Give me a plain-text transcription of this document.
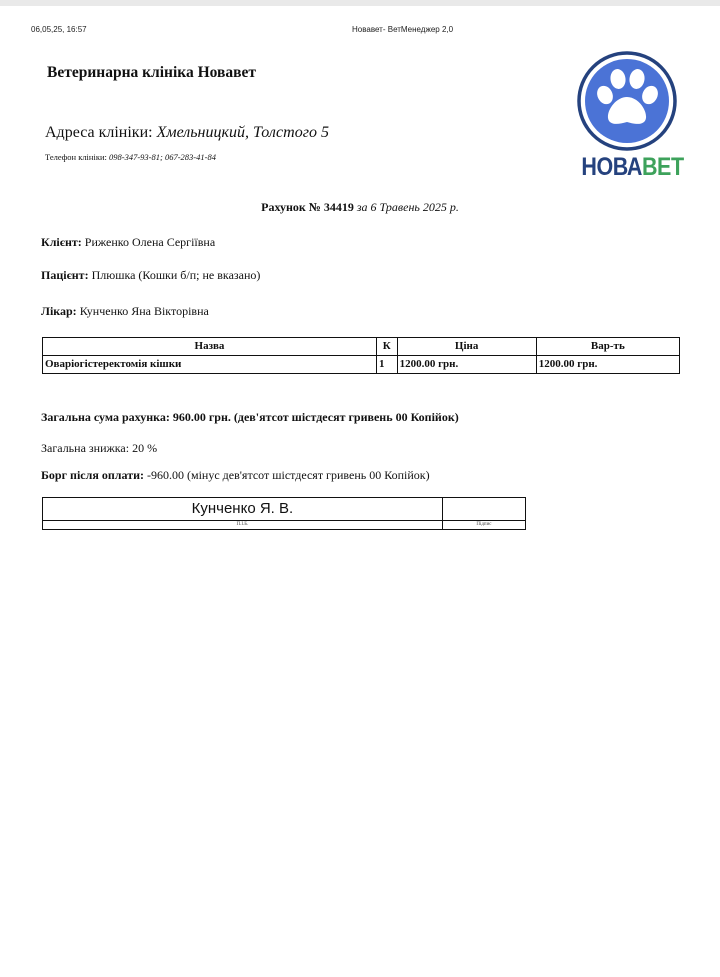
06,05,25, 16:57	Новавет- ВетМенеджер 2,0
Ветеринарна клініка Новавет
Адреса клініки: Хмельницкий, Толстого 5
Телефон клініки: 098-347-93-81; 067-283-41-84	НОВАВЕТ
Рахунок № 34419 за 6 Травень 2025 р.
Клієнт: Риженко Олена Сергіївна
Пацієнт: Плюшка (Кошки б/п; не вказано)
Лікар: Кунченко Яна Вікторівна
Назва	К	Ціна	Вар-ть
Оваріогістеректомія кішки	1	1200.00 грн.	1200.00 грн.
Загальна сума рахунка: 960.00 грн. (дев'ятсот шістдесят гривень 00 Копійок)
Загальна знижка: 20 %
Борг після оплати: -960.00 (мінус дев'ятсот шістдесят гривень 00 Копійок)
Кунченко Я. В.	
П.І.Б.	Підпис
